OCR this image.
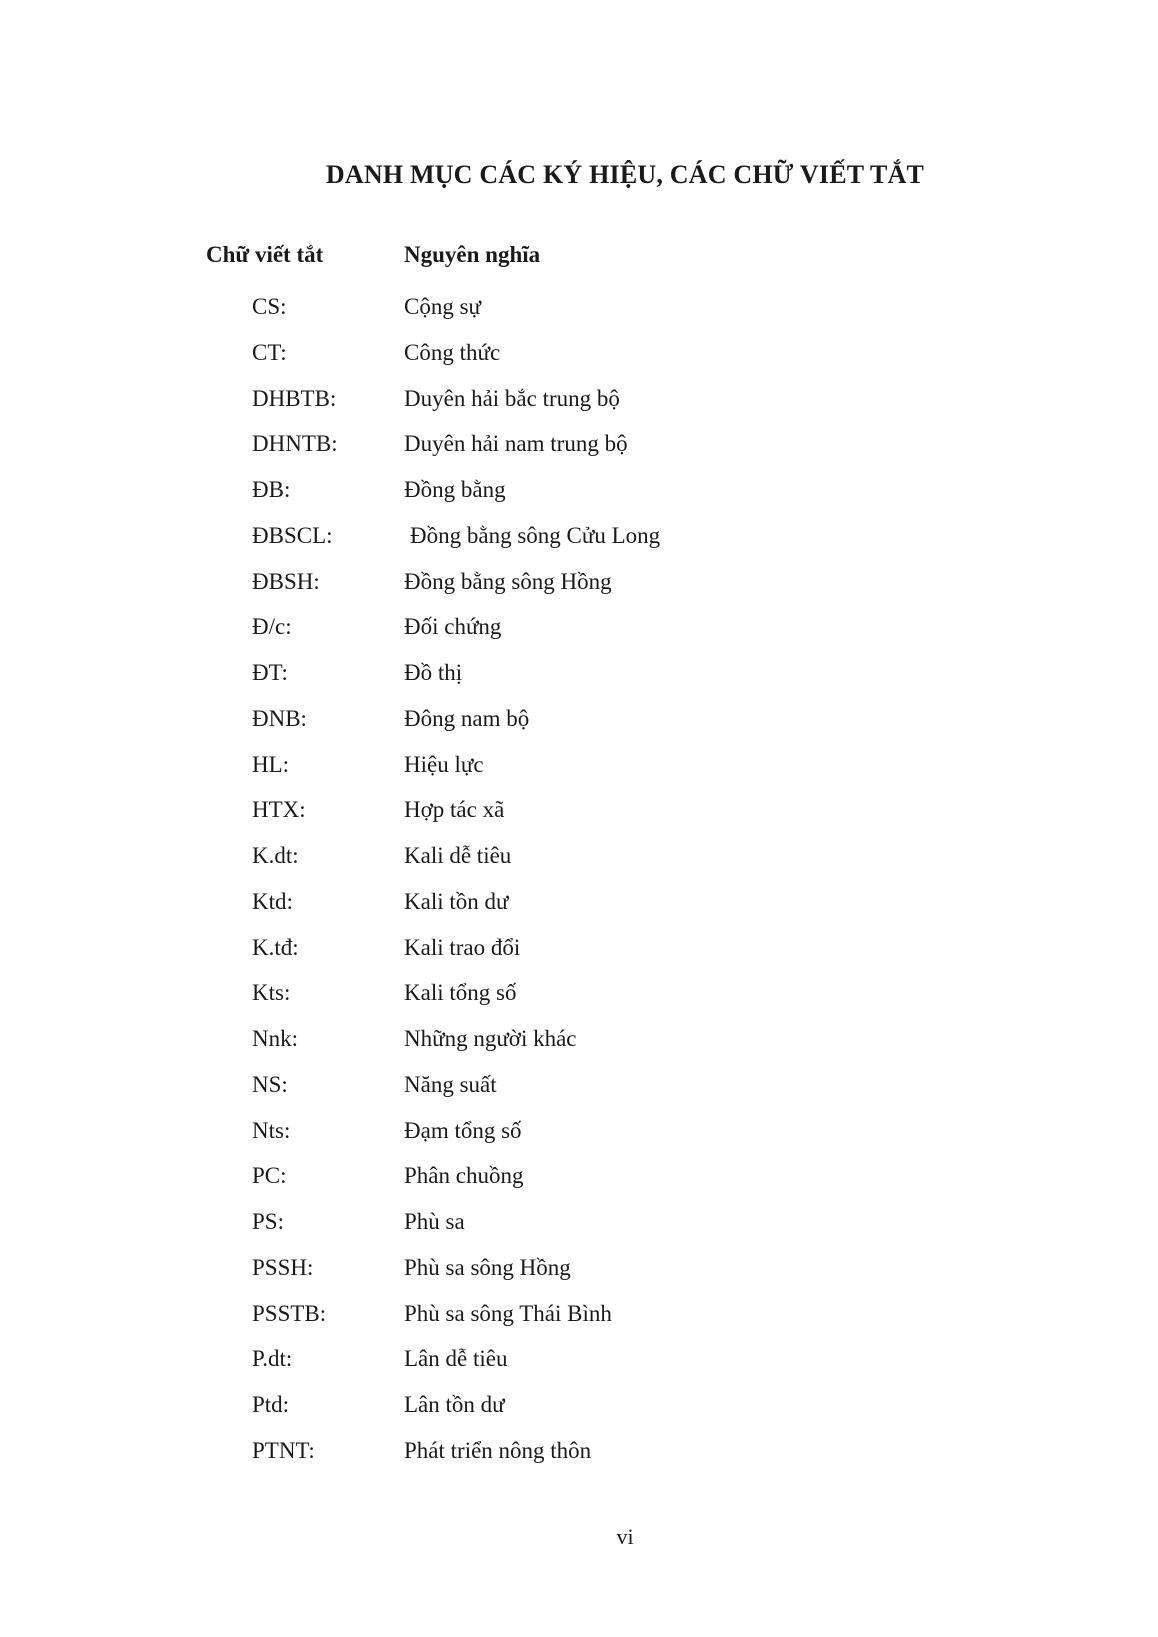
DANH MỤC CÁC KÝ HIỆU, CÁC CHỮ VIẾT TẮT
Chữ viết tắt	Nguyên nghĩa
CS:	Cộng sự
CT:	Công thức
DHBTB:	Duyên hải bắc trung bộ
DHNTB:	Duyên hải nam trung bộ
ĐB:	Đồng bằng
ĐBSCL:	Đồng bằng sông Cửu Long
ĐBSH:	Đồng bằng sông Hồng
Đ/c:	Đối chứng
ĐT:	Đồ thị
ĐNB:	Đông nam bộ
HL:	Hiệu lực
HTX:	Hợp tác xã
K.dt:	Kali dễ tiêu
Ktd:	Kali tồn dư
K.tđ:	Kali trao đổi
Kts:	Kali tổng số
Nnk:	Những người khác
NS:	Năng suất
Nts:	Đạm tổng số
PC:	Phân chuồng
PS:	Phù sa
PSSH:	Phù sa sông Hồng
PSSTB:	Phù sa sông Thái Bình
P.dt:	Lân dễ tiêu
Ptd:	Lân tồn dư
PTNT:	Phát triển nông thôn
vi
